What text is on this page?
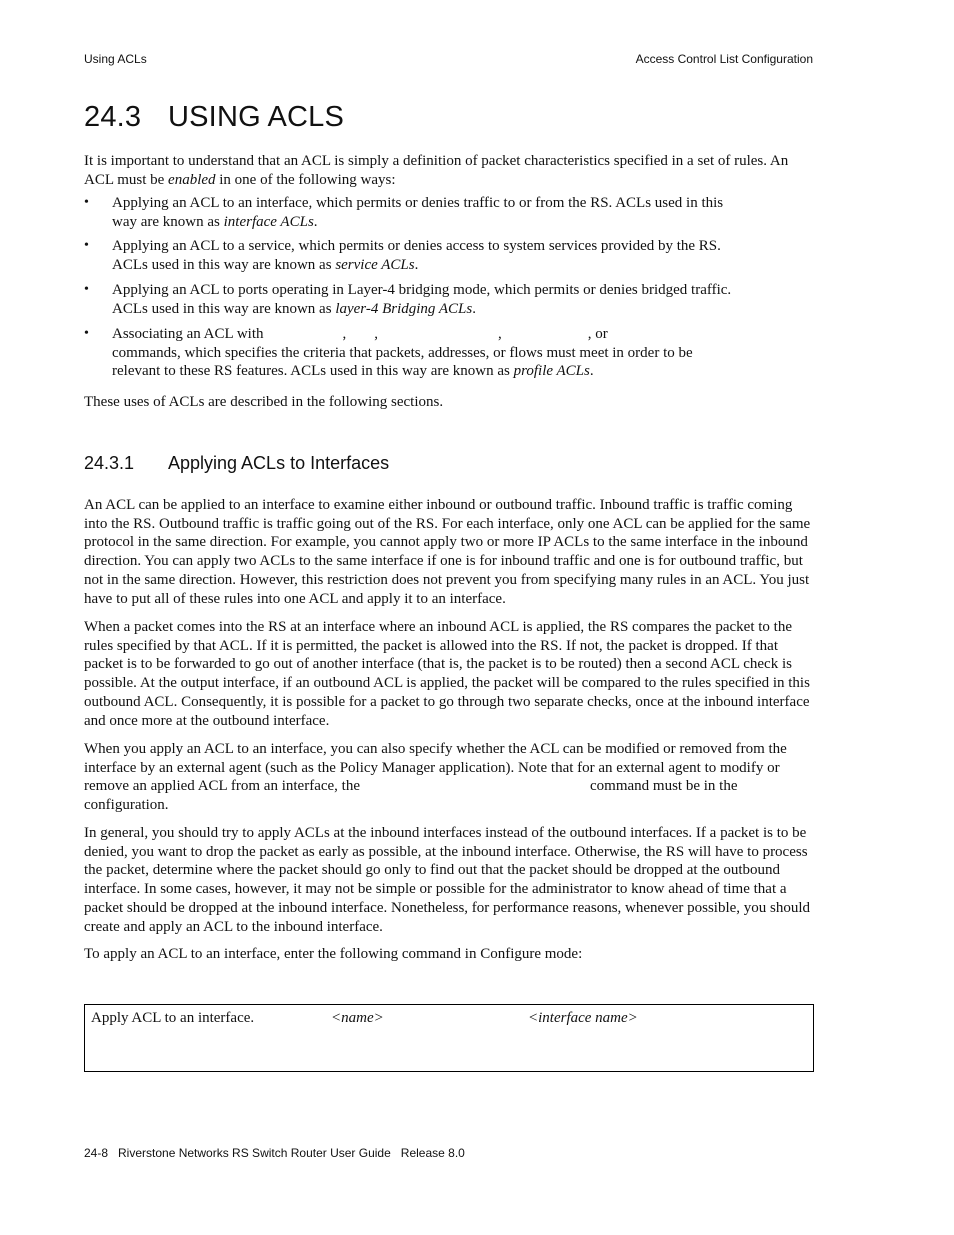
Using ACLs	Access Control List Configuration
24.3 USING ACLS

It is important to understand that an ACL is simply a definition of packet characteristics specified in a set of rules. An ACL must be enabled in one of the following ways:

•	Applying an ACL to an interface, which permits or denies traffic to or from the RS. ACLs used in this way are known as interface ACLs.
•	Applying an ACL to a service, which permits or denies access to system services provided by the RS. ACLs used in this way are known as service ACLs.
•	Applying an ACL to ports operating in Layer-4 bridging mode, which permits or denies bridged traffic. ACLs used in this way are known as layer-4 Bridging ACLs.
•	Associating an ACL with	, ,	,	, or
commands, which specifies the criteria that packets, addresses, or flows must meet in order to be relevant to these RS features. ACLs used in this way are known as profile ACLs.

These uses of ACLs are described in the following sections.

24.3.1 Applying ACLs to Interfaces

An ACL can be applied to an interface to examine either inbound or outbound traffic. Inbound traffic is traffic coming into the RS. Outbound traffic is traffic going out of the RS. For each interface, only one ACL can be applied for the same protocol in the same direction. For example, you cannot apply two or more IP ACLs to the same interface in the inbound direction. You can apply two ACLs to the same interface if one is for inbound traffic and one is for outbound traffic, but not in the same direction. However, this restriction does not prevent you from specifying many rules in an ACL. You just have to put all of these rules into one ACL and apply it to an interface.

When a packet comes into the RS at an interface where an inbound ACL is applied, the RS compares the packet to the rules specified by that ACL. If it is permitted, the packet is allowed into the RS. If not, the packet is dropped. If that packet is to be forwarded to go out of another interface (that is, the packet is to be routed) then a second ACL check is possible. At the output interface, if an outbound ACL is applied, the packet will be compared to the rules specified in this outbound ACL. Consequently, it is possible for a packet to go through two separate checks, once at the inbound interface and once more at the outbound interface.

When you apply an ACL to an interface, you can also specify whether the ACL can be modified or removed from the interface by an external agent (such as the Policy Manager application). Note that for an external agent to modify or remove an applied ACL from an interface, the	command must be in the configuration.

In general, you should try to apply ACLs at the inbound interfaces instead of the outbound interfaces. If a packet is to be denied, you want to drop the packet as early as possible, at the inbound interface. Otherwise, the RS will have to process the packet, determine where the packet should go only to find out that the packet should be dropped at the outbound interface. In some cases, however, it may not be simple or possible for the administrator to know ahead of time that a packet should be dropped at the inbound interface. Nonetheless, for performance reasons, whenever possible, you should create and apply an ACL to the inbound interface.

To apply an ACL to an interface, enter the following command in Configure mode:

Apply ACL to an interface.	<name>	<interface name>
24-8   Riverstone Networks RS Switch Router User Guide   Release 8.0
